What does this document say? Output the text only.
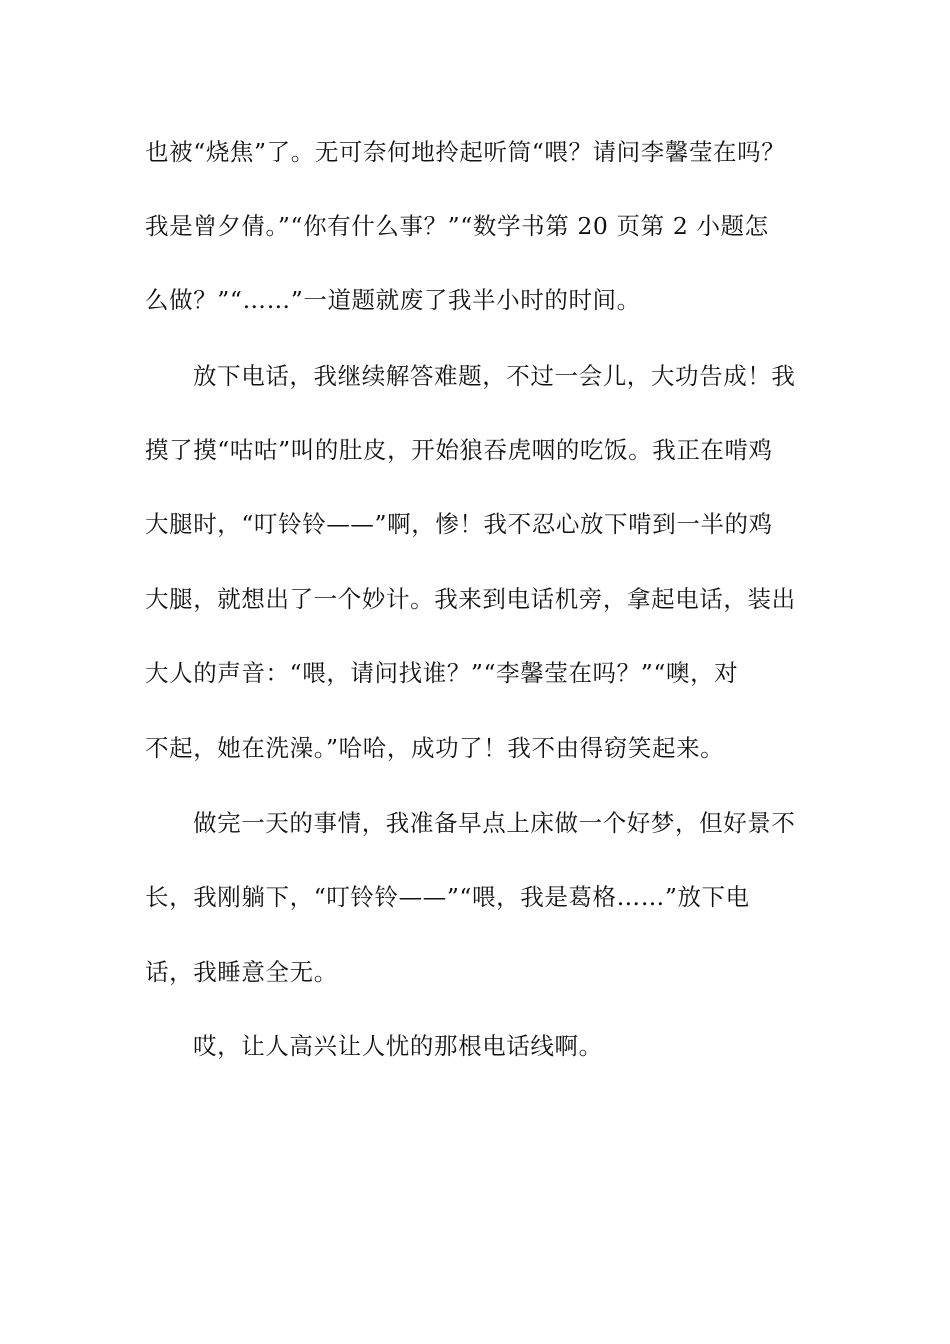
也被“烧焦”了。无可奈何地拎起听筒“喂？请问李馨莹在吗？
我是曾夕倩。”“你有什么事？”“数学书第 20 页第 2 小题怎
么做？”“……”一道题就废了我半小时的时间。
放下电话，我继续解答难题，不过一会儿，大功告成！我
摸了摸“咕咕”叫的肚皮，开始狼吞虎咽的吃饭。我正在啃鸡
大腿时，“叮铃铃——”啊，惨！我不忍心放下啃到一半的鸡
大腿，就想出了一个妙计。我来到电话机旁，拿起电话，装出
大人的声音：“喂，请问找谁？”“李馨莹在吗？”“噢，对
不起，她在洗澡。”哈哈，成功了！我不由得窃笑起来。
做完一天的事情，我准备早点上床做一个好梦，但好景不
长，我刚躺下，“叮铃铃——”“喂，我是葛格……”放下电
话，我睡意全无。
哎，让人高兴让人忧的那根电话线啊。
